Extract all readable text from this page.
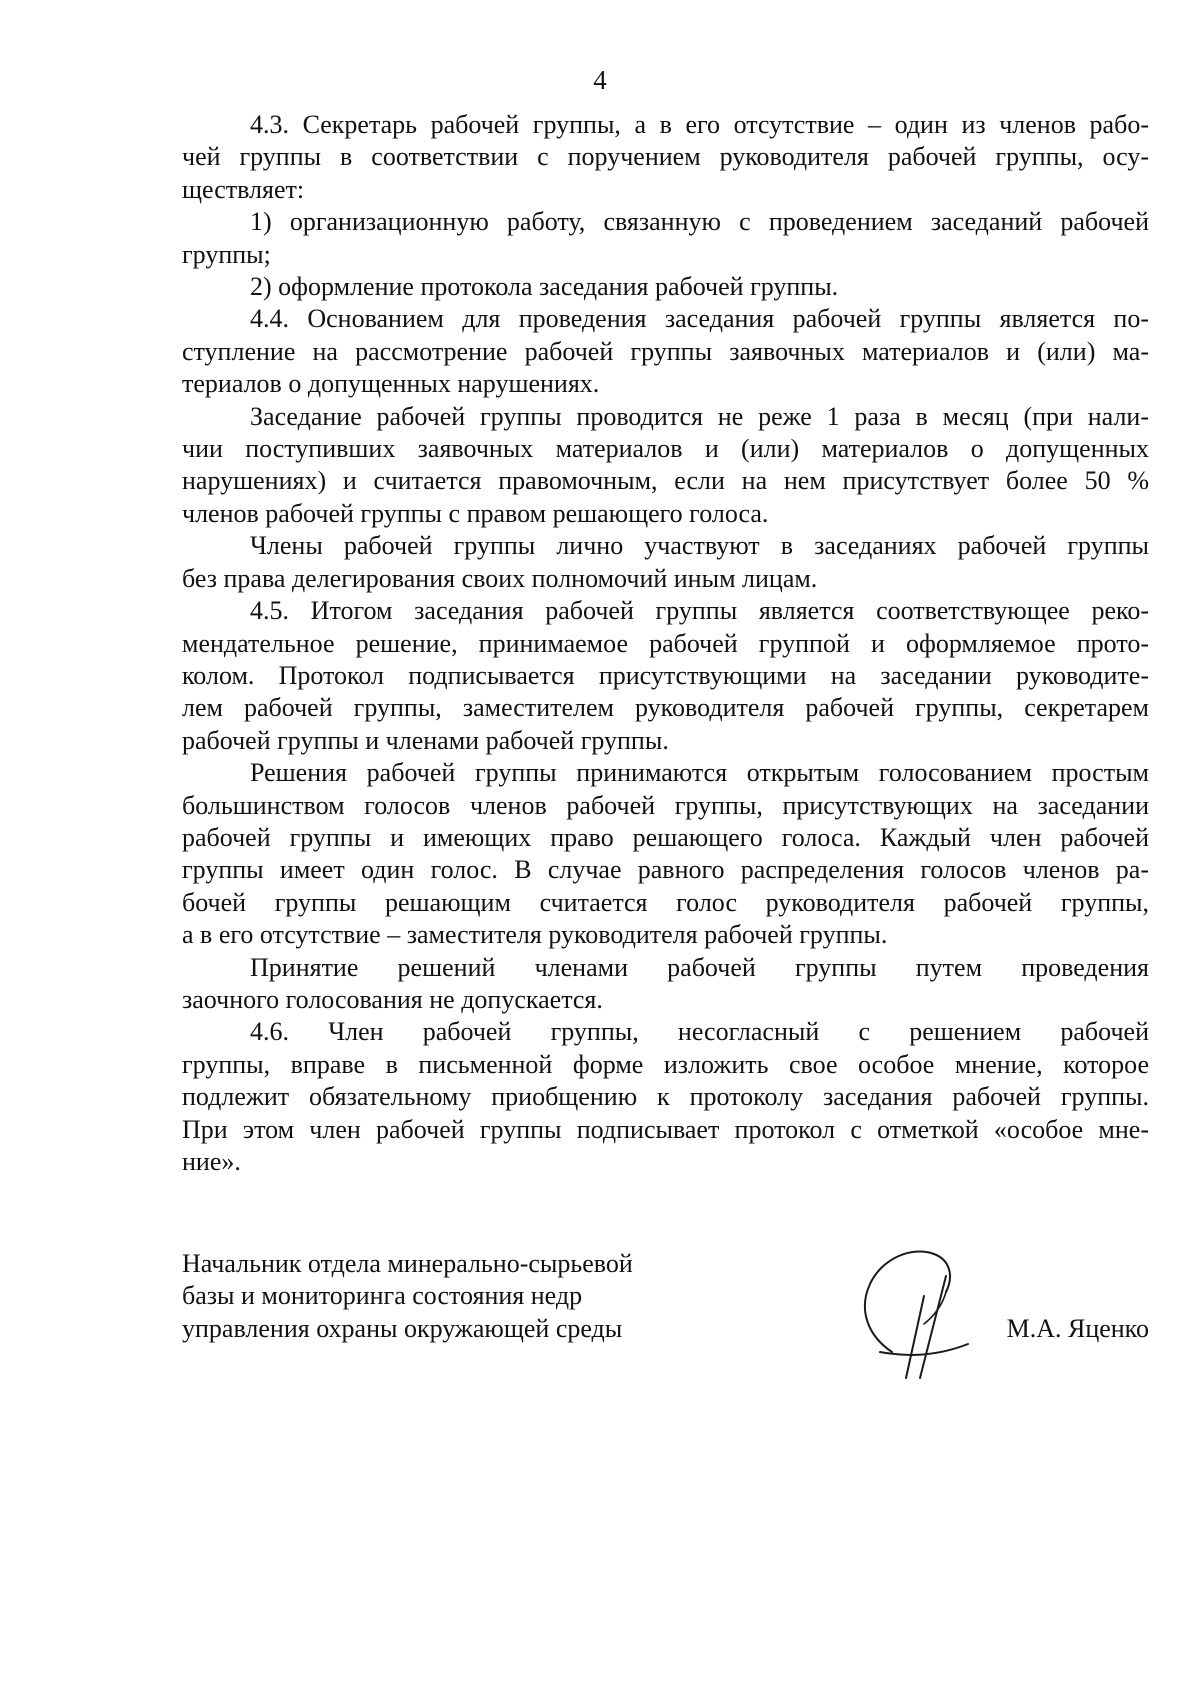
4

4.3. Секретарь рабочей группы, а в его отсутствие – один из членов рабо-
чей группы в соответствии с поручением руководителя рабочей группы, осу-
ществляет:

1) организационную работу, связанную с проведением заседаний рабочей
группы;

2) оформление протокола заседания рабочей группы.

4.4. Основанием для проведения заседания рабочей группы является по-
ступление на рассмотрение рабочей группы заявочных материалов и (или) ма-
териалов о допущенных нарушениях.

Заседание рабочей группы проводится не реже 1 раза в месяц (при нали-
чии поступивших заявочных материалов и (или) материалов о допущенных
нарушениях) и считается правомочным, если на нем присутствует более 50 %
членов рабочей группы с правом решающего голоса.

Члены рабочей группы лично участвуют в заседаниях рабочей группы
без права делегирования своих полномочий иным лицам.

4.5. Итогом заседания рабочей группы является соответствующее реко-
мендательное решение, принимаемое рабочей группой и оформляемое прото-
колом. Протокол подписывается присутствующими на заседании руководите-
лем рабочей группы, заместителем руководителя рабочей группы, секретарем
рабочей группы и членами рабочей группы.

Решения рабочей группы принимаются открытым голосованием простым
большинством голосов членов рабочей группы, присутствующих на заседании
рабочей группы и имеющих право решающего голоса. Каждый член рабочей
группы имеет один голос. В случае равного распределения голосов членов ра-
бочей группы решающим считается голос руководителя рабочей группы,
а в его отсутствие – заместителя руководителя рабочей группы.

Принятие решений членами рабочей группы путем проведения
заочного голосования не допускается.

4.6. Член рабочей группы, несогласный с решением рабочей
группы, вправе в письменной форме изложить свое особое мнение, которое
подлежит обязательному приобщению к протоколу заседания рабочей группы.
При этом член рабочей группы подписывает протокол с отметкой «особое мне-
ние».

Начальник отдела минерально-сырьевой
базы и мониторинга состояния недр
управления охраны окружающей среды	М.А. Яценко
